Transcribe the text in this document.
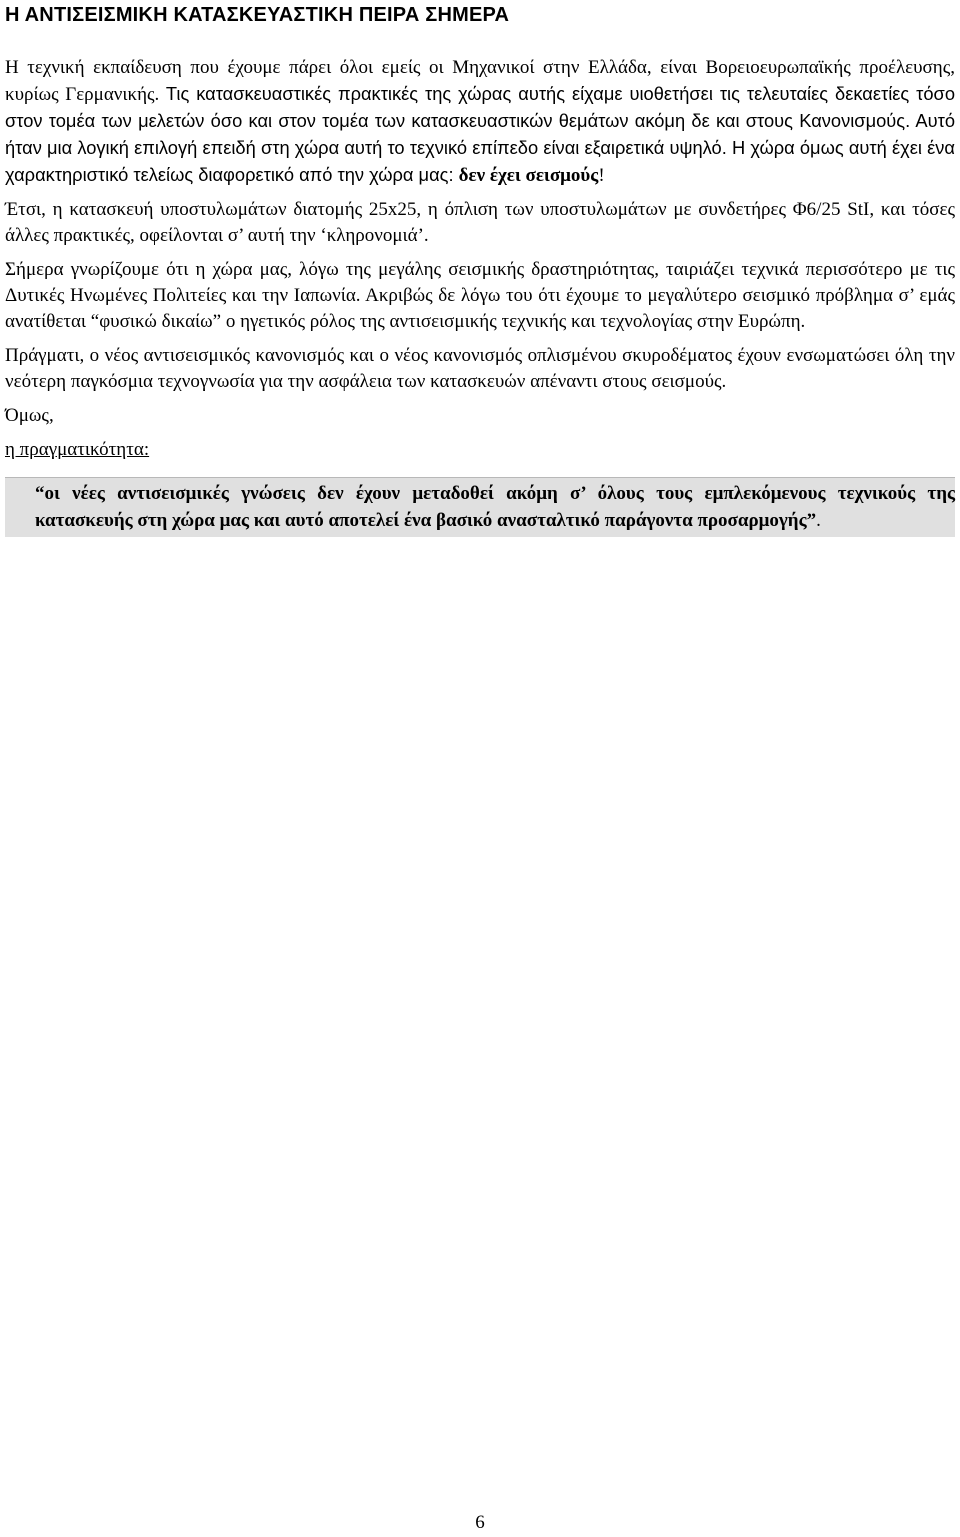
Η ΑΝΤΙΣΕΙΣΜΙΚΗ ΚΑΤΑΣΚΕΥΑΣΤΙΚΗ ΠΕΙΡΑ ΣΗΜΕΡΑ

Η τεχνική εκπαίδευση που έχουμε πάρει όλοι εμείς οι Μηχανικοί στην Ελλάδα, είναι Βορειοευρωπαϊκής προέλευσης, κυρίως Γερμανικής. Τις κατασκευαστικές πρακτικές της χώρας αυτής είχαμε υιοθετήσει τις τελευταίες δεκαετίες τόσο στον τομέα των μελετών όσο και στον τομέα των κατασκευαστικών θεμάτων ακόμη δε και στους Κανονισμούς. Αυτό ήταν μια λογική επιλογή επειδή στη χώρα αυτή το τεχνικό επίπεδο είναι εξαιρετικά υψηλό. Η χώρα όμως αυτή έχει ένα χαρακτηριστικό τελείως διαφορετικό από την χώρα μας: δεν έχει σεισμούς!

Έτσι, η κατασκευή υποστυλωμάτων διατομής 25x25, η όπλιση των υποστυλωμάτων με συνδετήρες Φ6/25 StI, και τόσες άλλες πρακτικές, οφείλονται σ’ αυτή την ‘κληρονομιά’.

Σήμερα γνωρίζουμε ότι η χώρα μας, λόγω της μεγάλης σεισμικής δραστηριότητας, ταιριάζει τεχνικά περισσότερο με τις Δυτικές Ηνωμένες Πολιτείες και την Ιαπωνία. Ακριβώς δε λόγω του ότι έχουμε το μεγαλύτερο σεισμικό πρόβλημα σ’ εμάς ανατίθεται “φυσικώ δικαίω” ο ηγετικός ρόλος της αντισεισμικής τεχνικής και τεχνολογίας στην Ευρώπη.

Πράγματι, ο νέος αντισεισμικός κανονισμός και ο νέος κανονισμός οπλισμένου σκυροδέματος έχουν ενσωματώσει όλη την νεότερη παγκόσμια τεχνογνωσία για την ασφάλεια των κατασκευών απέναντι στους σεισμούς.

Όμως,

η πραγματικότητα:

“οι νέες αντισεισμικές γνώσεις δεν έχουν μεταδοθεί ακόμη σ’ όλους τους εμπλεκόμενους τεχνικούς της κατασκευής στη χώρα μας και αυτό αποτελεί ένα βασικό ανασταλτικό παράγοντα προσαρμογής”.

6
